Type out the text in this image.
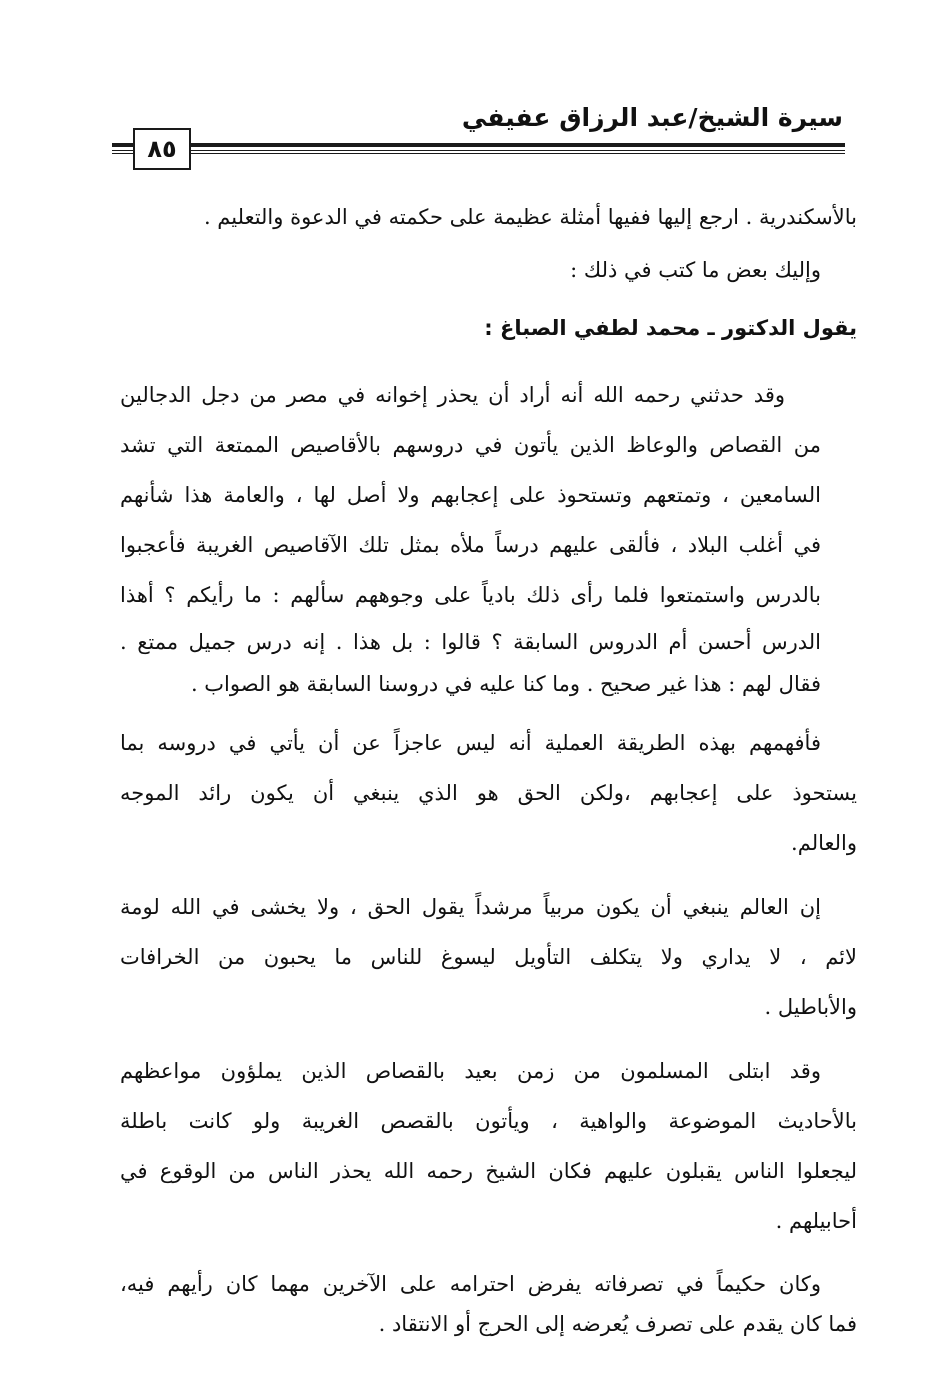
سيرة الشيخ/عبد الرزاق عفيفي
٨٥

بالأسكندرية . ارجع إليها ففيها أمثلة عظيمة على حكمته في الدعوة والتعليم .

وإليك بعض ما كتب في ذلك :

يقول الدكتور ـ محمد لطفي الصباغ :

وقد حدثني رحمه الله أنه أراد أن يحذر إخوانه في مصر من دجل الدجالين
من القصاص والوعاظ الذين يأتون في دروسهم بالأقاصيص الممتعة التي تشد
السامعين ، وتمتعهم وتستحوذ على إعجابهم ولا أصل لها ، والعامة هذا شأنهم
في أغلب البلاد ، فألقى عليهم درساً ملأه بمثل تلك الآقاصيص الغريبة فأعجبوا
بالدرس واستمتعوا فلما رأى ذلك بادياً على وجوههم سألهم : ما رأيكم ؟ أهذا
الدرس أحسن أم الدروس السابقة ؟ قالوا : بل هذا . إنه درس جميل ممتع .
فقال لهم : هذا غير صحيح . وما كنا عليه في دروسنا السابقة هو الصواب .

فأفهمهم بهذه الطريقة العملية أنه ليس عاجزاً عن أن يأتي في دروسه بما
يستحوذ على إعجابهم ،ولكن الحق هو الذي ينبغي أن يكون رائد الموجه
والعالم.

إن العالم ينبغي أن يكون مربياً مرشداً يقول الحق ، ولا يخشى في الله لومة
لائم ، لا يداري ولا يتكلف التأويل ليسوغ للناس ما يحبون من الخرافات
والأباطيل .

وقد ابتلى المسلمون من زمن بعيد بالقصاص الذين يملؤون مواعظهم
بالأحاديث الموضوعة والواهية ، ويأتون بالقصص الغريبة ولو كانت باطلة
ليجعلوا الناس يقبلون عليهم فكان الشيخ رحمه الله يحذر الناس من الوقوع في
أحابيلهم .

وكان حكيماً في تصرفاته يفرض احترامه على الآخرين مهما كان رأيهم فيه،
فما كان يقدم على تصرف يُعرضه إلى الحرج أو الانتقاد .
